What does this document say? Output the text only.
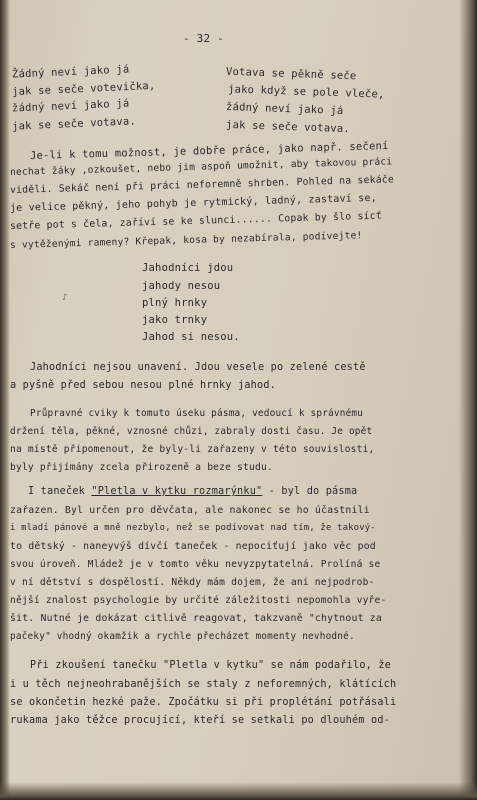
- 32 -
Žádný neví jako já
jak se seče votevička,
žádný neví jako já
jak se seče votava.
Votava se pěkně seče
jako když se pole vleče,
žádný neví jako já
jak se seče votava.
Je-li k tomu možnost, je dobře práce, jako např. sečení
nechat žáky ,ozkoušet, nebo jim aspoň umožnit, aby takovou práci
viděli. Sekáč není při práci neforemně shrben. Pohled na sekáče
je velice pěkný, jeho pohyb je rytmický, ladný, zastaví se,
setře pot s čela, zaříví se ke slunci...... Copak by šlo sícť
s vytěženými rameny? Křepak, kosa by nezabírala, podívejte!
Jahodníci jdou
jahody nesou
♪	plný hrnky
jako trnky
Jahod si nesou.
Jahodníci nejsou unavení. Jdou vesele po zelené cestě
a pyšně před sebou nesou plné hrnky jahod.
Průpravné cviky k tomuto úseku pásma, vedoucí k správnému
držení těla, pěkné, vznosné chůzi, zabraly dosti času. Je opět
na místě připomenout, že byly-li zařazeny v této souvislosti,
byly přijímány zcela přirozeně a beze studu.
I taneček "Pletla v kytku rozmarýnku" - byl do pásma
zařazen. Byl určen pro děvčata, ale nakonec se ho účastnili
i mladí pánové a mně nezbylo, než se podívovat nad tím, že takový-
to dětský - naneyvýš dívčí taneček - nepociťují jako věc pod
svou úroveň. Mládež je v tomto věku nevyzpytatelná. Prolíná se
v ní dětství s dospělostí. Někdy mám dojem, že ani nejpodrob-
nější znalost psychologie by určité záležitosti nepomohla vyře-
šit. Nutné je dokázat citlivě reagovat, takzvaně "chytnout za
pačeky" vhodný okamžik a rychle přecházet momenty nevhodné.
Při zkoušení tanečku "Pletla v kytku" se nám podařilo, že
i u těch nejneohrabanějších se staly z neforemných, klátících
se okončetin hezké paže. Zpočátku si při proplétání potřásali
rukama jako těžce procující, kteří se setkali po dlouhém od-
